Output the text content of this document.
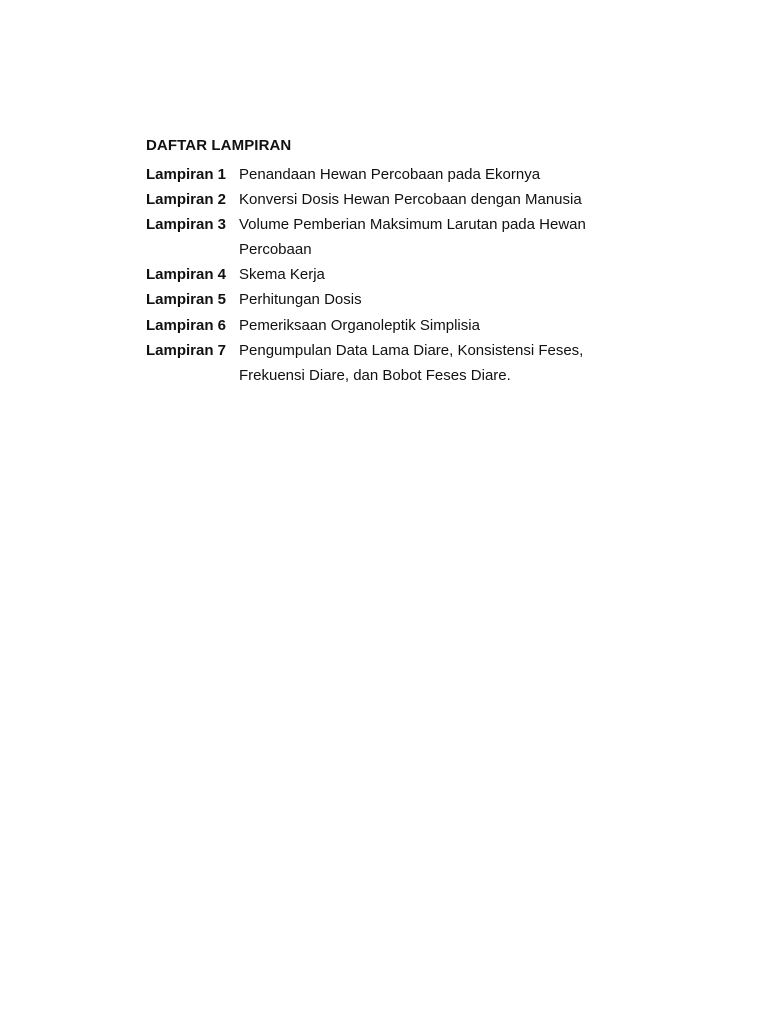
DAFTAR LAMPIRAN
Lampiran 1 Penandaan Hewan Percobaan pada Ekornya
Lampiran 2 Konversi Dosis Hewan Percobaan dengan Manusia
Lampiran 3 Volume Pemberian Maksimum Larutan pada Hewan Percobaan
Lampiran 4 Skema Kerja
Lampiran 5 Perhitungan Dosis
Lampiran 6 Pemeriksaan Organoleptik Simplisia
Lampiran 7 Pengumpulan Data Lama Diare, Konsistensi Feses, Frekuensi Diare, dan Bobot Feses Diare.
